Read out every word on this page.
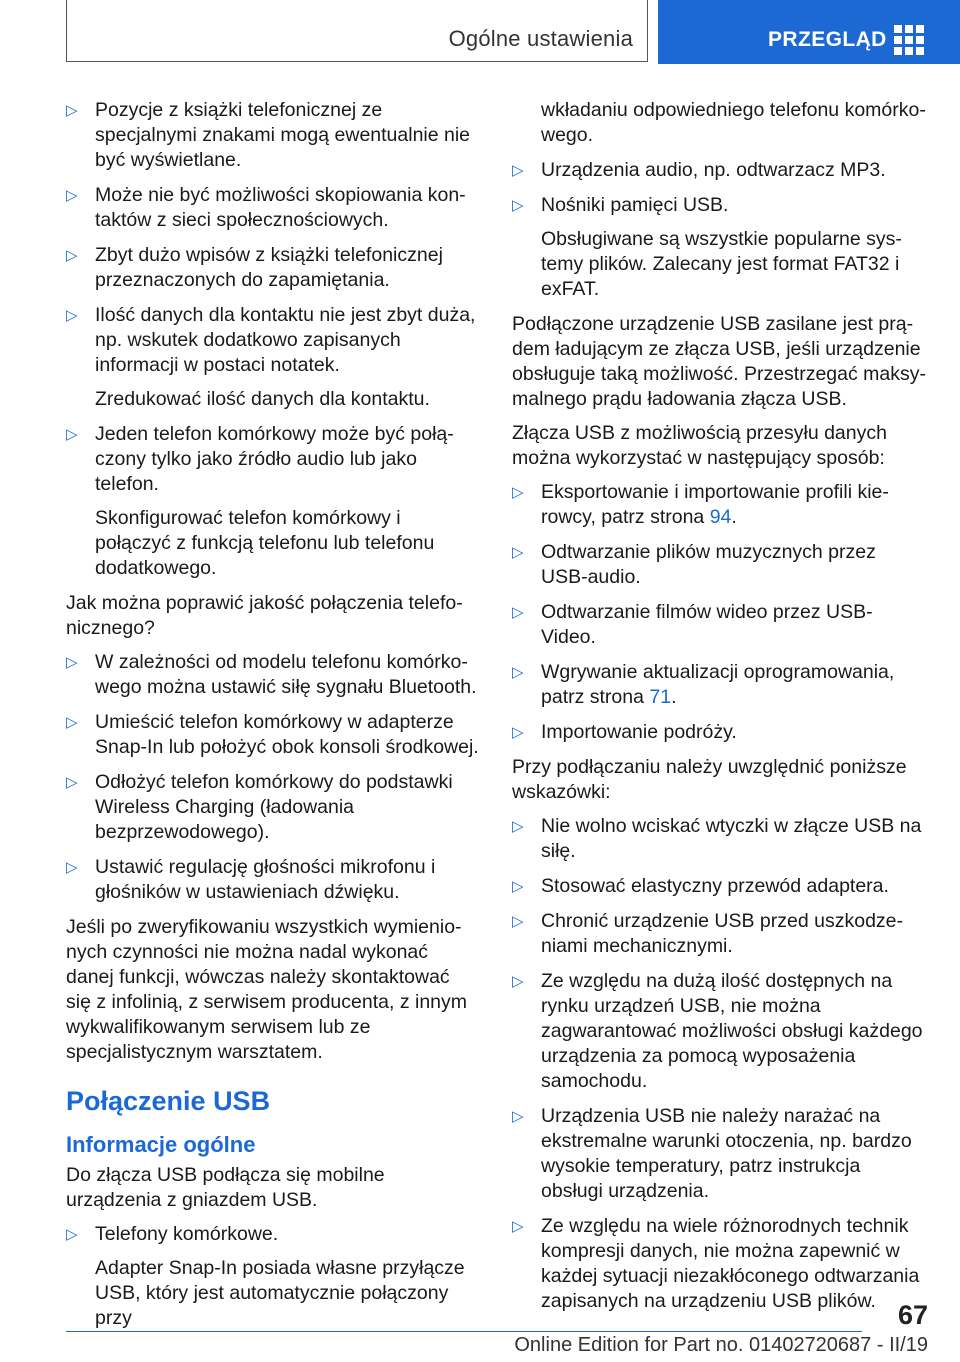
Ogólne ustawienia	PRZEGLĄD
▷ Pozycje z książki telefonicznej ze specjalnymi znakami mogą ewentualnie nie być wyświetlane.

▷ Może nie być możliwości skopiowania kontaktów z sieci społecznościowych.

▷ Zbyt dużo wpisów z książki telefonicznej przeznaczonych do zapamiętania.

▷ Ilość danych dla kontaktu nie jest zbyt duża, np. wskutek dodatkowo zapisanych informacji w postaci notatek.

Zredukować ilość danych dla kontaktu.

▷ Jeden telefon komórkowy może być połączony tylko jako źródło audio lub jako telefon.

Skonfigurować telefon komórkowy i połączyć z funkcją telefonu lub telefonu dodatkowego.

Jak można poprawić jakość połączenia telefonicznego?

▷ W zależności od modelu telefonu komórkowego można ustawić siłę sygnału Bluetooth.

▷ Umieścić telefon komórkowy w adapterze Snap-In lub położyć obok konsoli środkowej.

▷ Odłożyć telefon komórkowy do podstawki Wireless Charging (ładowania bezprzewodowego).

▷ Ustawić regulację głośności mikrofonu i głośników w ustawieniach dźwięku.

Jeśli po zweryfikowaniu wszystkich wymienionych czynności nie można nadal wykonać danej funkcji, wówczas należy skontaktować się z infolinią, z serwisem producenta, z innym wykwalifikowanym serwisem lub ze specjalistycznym warsztatem.

Połączenie USB
Informacje ogólne

Do złącza USB podłącza się mobilne urządzenia z gniazdem USB.

▷ Telefony komórkowe.

Adapter Snap-In posiada własne przyłącze USB, który jest automatycznie połączony przy

wkładaniu odpowiedniego telefonu komórkowego.

▷ Urządzenia audio, np. odtwarzacz MP3.

▷ Nośniki pamięci USB.

Obsługiwane są wszystkie popularne systemy plików. Zalecany jest format FAT32 i exFAT.

Podłączone urządzenie USB zasilane jest prądem ładującym ze złącza USB, jeśli urządzenie obsługuje taką możliwość. Przestrzegać maksymalnego prądu ładowania złącza USB.

Złącza USB z możliwością przesyłu danych można wykorzystać w następujący sposób:

▷ Eksportowanie i importowanie profili kierowcy, patrz strona 94.

▷ Odtwarzanie plików muzycznych przez USB-audio.

▷ Odtwarzanie filmów wideo przez USB-Video.

▷ Wgrywanie aktualizacji oprogramowania, patrz strona 71.

▷ Importowanie podróży.

Przy podłączaniu należy uwzględnić poniższe wskazówki:

▷ Nie wolno wciskać wtyczki w złącze USB na siłę.

▷ Stosować elastyczny przewód adaptera.

▷ Chronić urządzenie USB przed uszkodzeniami mechanicznymi.

▷ Ze względu na dużą ilość dostępnych na rynku urządzeń USB, nie można zagwarantować możliwości obsługi każdego urządzenia za pomocą wyposażenia samochodu.

▷ Urządzenia USB nie należy narażać na ekstremalne warunki otoczenia, np. bardzo wysokie temperatury, patrz instrukcja obsługi urządzenia.

▷ Ze względu na wiele różnorodnych technik kompresji danych, nie można zapewnić w każdej sytuacji niezakłóconego odtwarzania zapisanych na urządzeniu USB plików. 67
Online Edition for Part no. 01402720687 - II/19
